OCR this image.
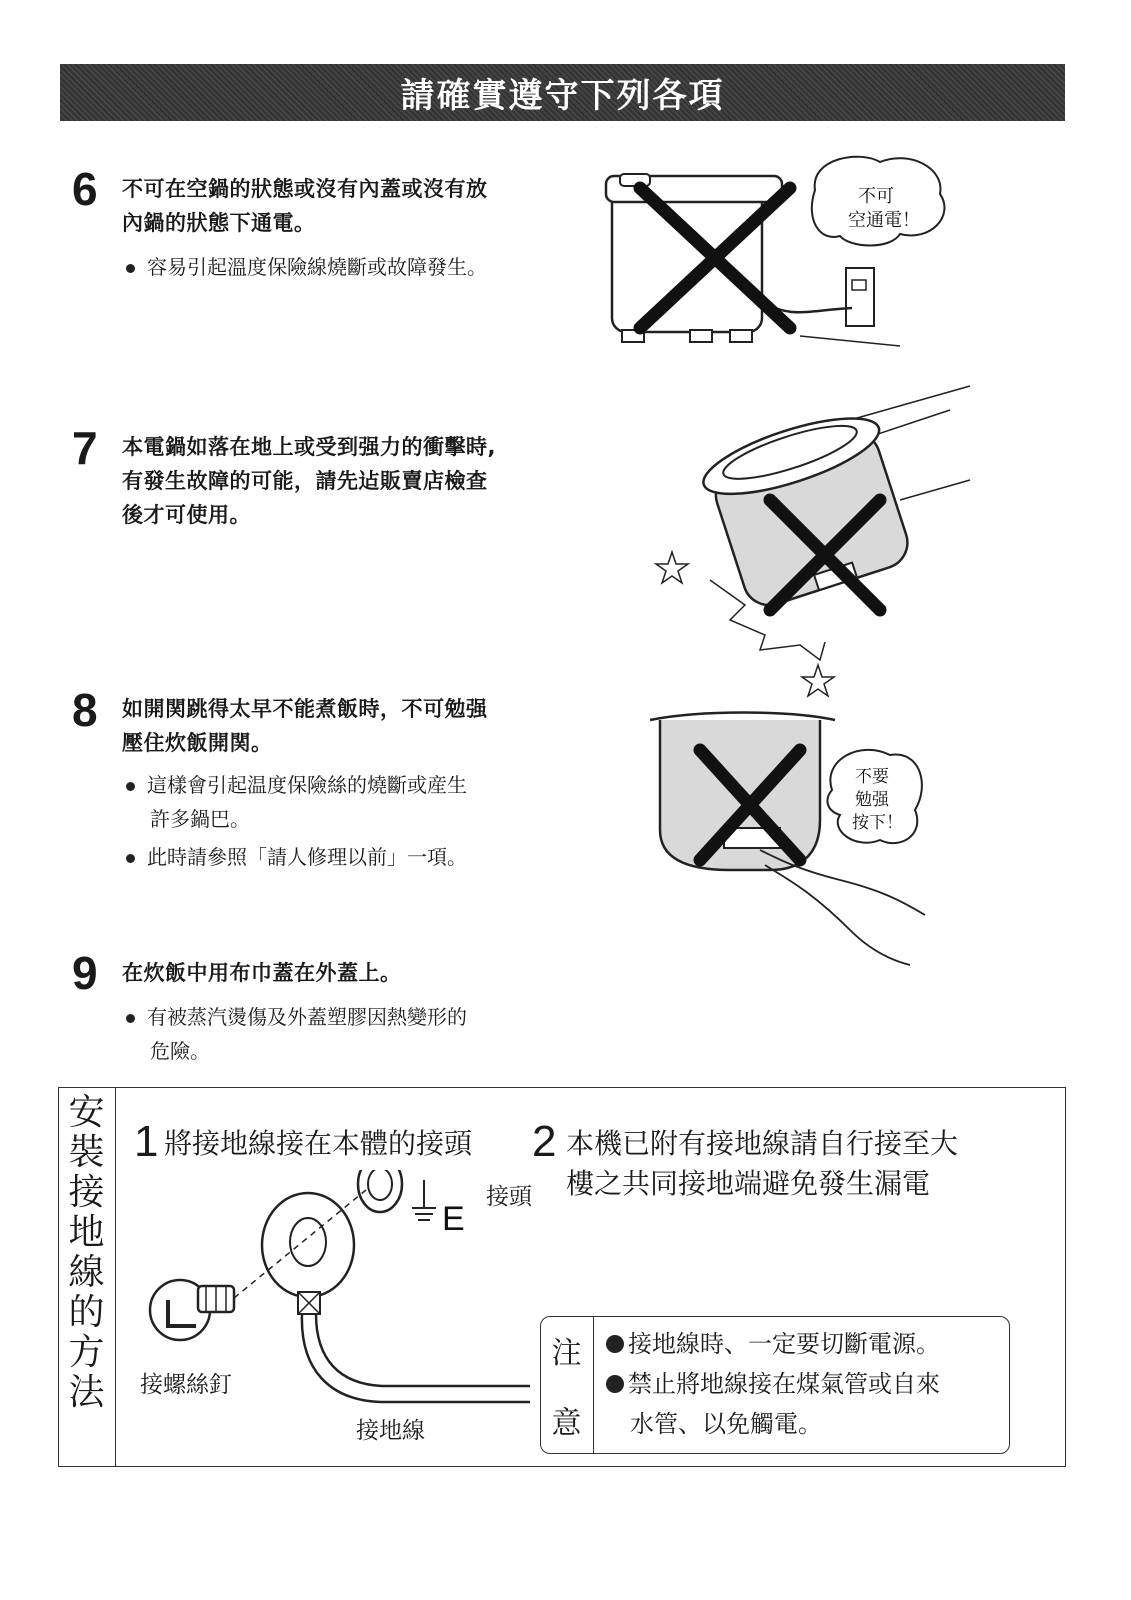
請確實遵守下列各項
6 不可在空鍋的狀態或沒有內蓋或沒有放
內鍋的狀態下通電。
容易引起溫度保險線燒斷或故障發生。
不可
空通電！
7 本電鍋如落在地上或受到强力的衝擊時,
有發生故障的可能，請先迠販賣店檢查
後才可使用。
8 如開関跳得太早不能煮飯時，不可勉强
壓住炊飯開関。
這樣會引起温度保險絲的燒斷或産生
許多鍋巴。
此時請參照「請人修理以前」一項。
不要
勉强
按下！
9 在炊飯中用布巾蓋在外蓋上。
有被蒸汽燙傷及外蓋塑膠因熱變形的
危險。
安
裝
接
地
線
的
方
法
1 將接地線接在本體的接頭 2 本機已附有接地線請自行接至大
樓之共同接地端避免發生漏電
E
接頭
接螺絲釘
接地線
注
意
接地線時、一定要切斷電源。
禁止將地線接在煤氣管或自來
水管、以免觸電。
